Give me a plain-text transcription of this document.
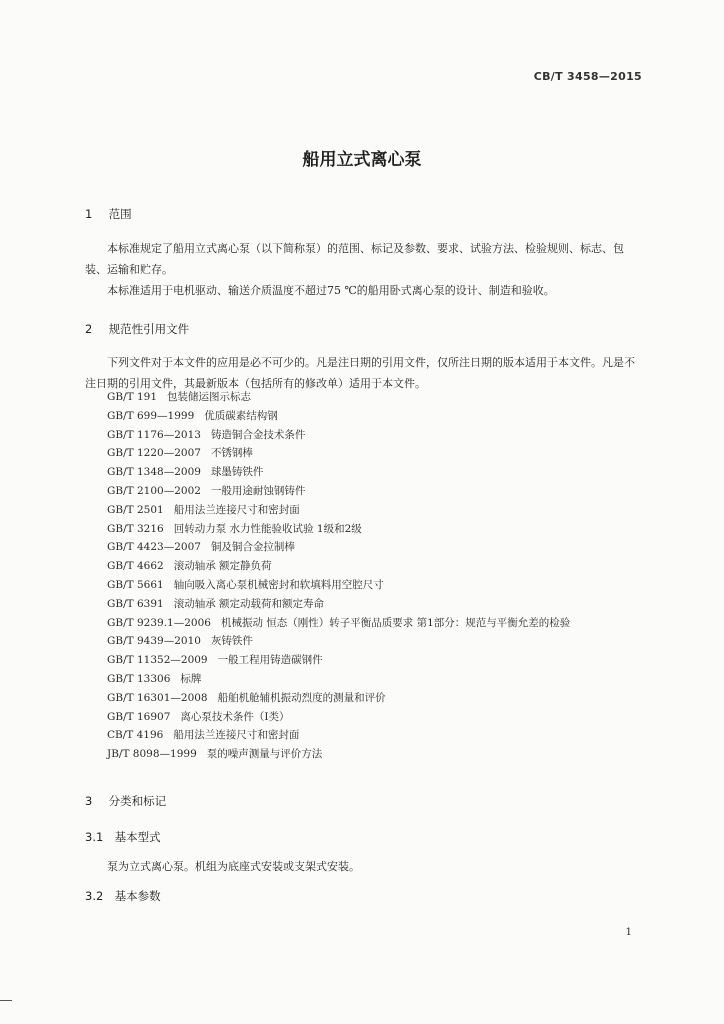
CB/T 3458—2015
船用立式离心泵
1 范围
本标准规定了船用立式离心泵（以下简称泵）的范围、标记及参数、要求、试验方法、检验规则、标志、包装、运输和贮存。
本标准适用于电机驱动、输送介质温度不超过75 ℃的船用卧式离心泵的设计、制造和验收。
2 规范性引用文件
下列文件对于本文件的应用是必不可少的。凡是注日期的引用文件，仅所注日期的版本适用于本文件。凡是不注日期的引用文件，其最新版本（包括所有的修改单）适用于本文件。
GB/T 191 包装储运图示标志
GB/T 699—1999 优质碳素结构钢
GB/T 1176—2013 铸造铜合金技术条件
GB/T 1220—2007 不锈钢棒
GB/T 1348—2009 球墨铸铁件
GB/T 2100—2002 一般用途耐蚀钢铸件
GB/T 2501 船用法兰连接尺寸和密封面
GB/T 3216 回转动力泵 水力性能验收试验 1级和2级
GB/T 4423—2007 铜及铜合金拉制棒
GB/T 4662 滚动轴承 额定静负荷
GB/T 5661 轴向吸入离心泵机械密封和软填料用空腔尺寸
GB/T 6391 滚动轴承 额定动载荷和额定寿命
GB/T 9239.1—2006 机械振动 恒态（刚性）转子平衡品质要求 第1部分：规范与平衡允差的检验
GB/T 9439—2010 灰铸铁件
GB/T 11352—2009 一般工程用铸造碳钢件
GB/T 13306 标牌
GB/T 16301—2008 船舶机舱辅机振动烈度的测量和评价
GB/T 16907 离心泵技术条件（I类）
CB/T 4196 船用法兰连接尺寸和密封面
JB/T 8098—1999 泵的噪声测量与评价方法
3 分类和标记
3.1 基本型式
泵为立式离心泵。机组为底座式安装或支架式安装。
3.2 基本参数
1
